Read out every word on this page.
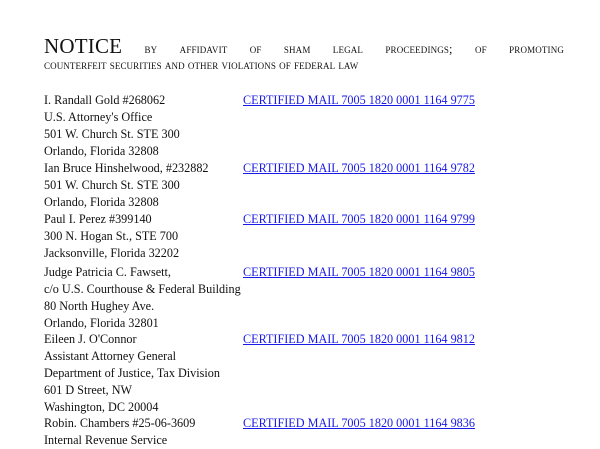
NOTICE by affidavit of sham legal proceedings; of promoting
counterfeit securities and other violations of federal law
I. Randall Gold #268062
U.S. Attorney's Office
501 W. Church St. STE 300
Orlando, Florida 32808
CERTIFIED MAIL 7005 1820 0001 1164 9775
Ian Bruce Hinshelwood, #232882
501 W. Church St. STE 300
Orlando, Florida 32808
CERTIFIED MAIL 7005 1820 0001 1164 9782
Paul I. Perez #399140
300 N. Hogan St., STE 700
Jacksonville, Florida 32202
CERTIFIED MAIL 7005 1820 0001 1164 9799
Judge Patricia C. Fawsett,
c/o U.S. Courthouse & Federal Building
80 North Hughey Ave.
Orlando, Florida 32801
CERTIFIED MAIL 7005 1820 0001 1164 9805
Eileen J. O'Connor
Assistant Attorney General
Department of Justice, Tax Division
601 D Street, NW
Washington, DC 20004
CERTIFIED MAIL 7005 1820 0001 1164 9812
Robin. Chambers #25-06-3609
Internal Revenue Service
CERTIFIED MAIL 7005 1820 0001 1164 9836
